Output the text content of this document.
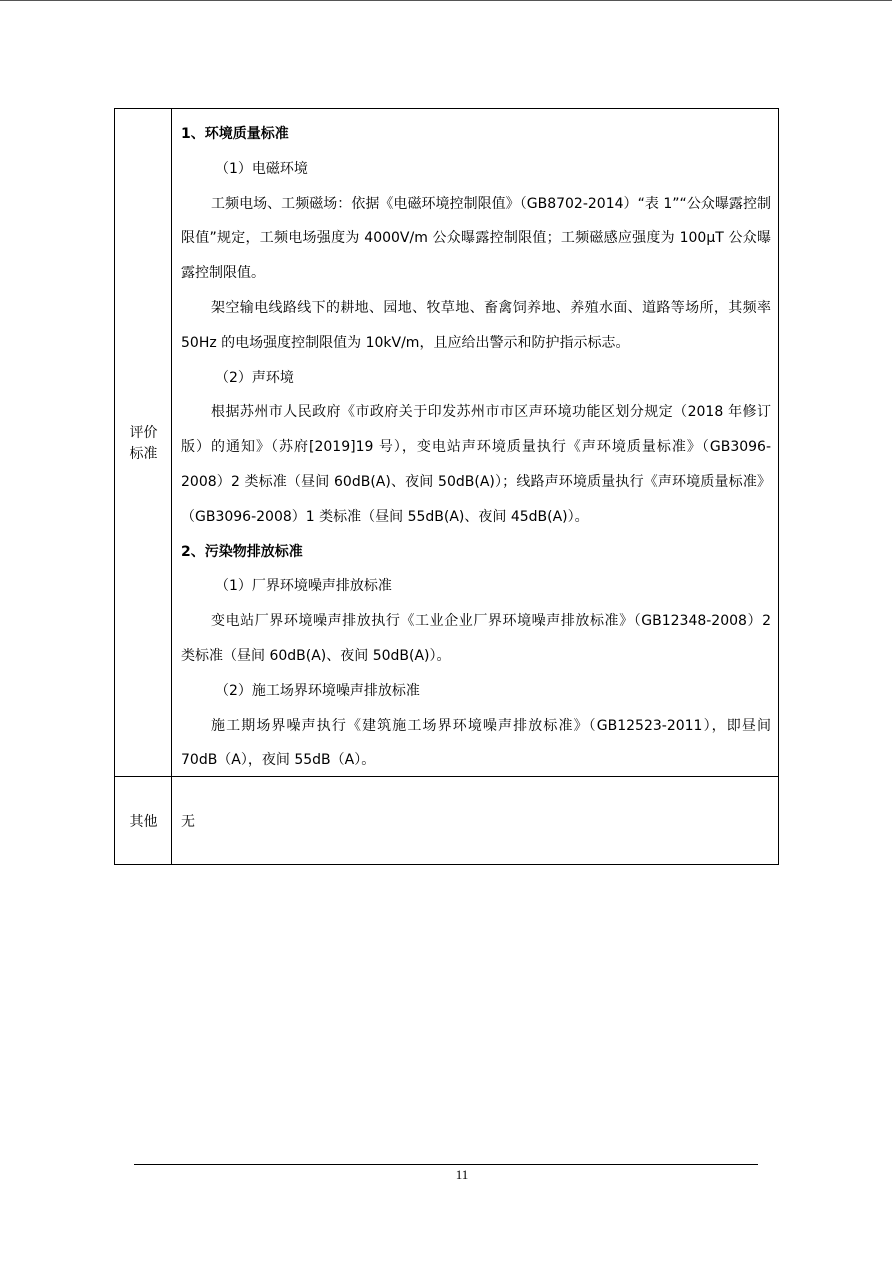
评价
标准
其他

1、环境质量标准

（1）电磁环境

工频电场、工频磁场：依据《电磁环境控制限值》（GB8702-2014）“表 1”“公众曝露控制限值”规定，工频电场强度为 4000V/m 公众曝露控制限值；工频磁感应强度为 100μT 公众曝露控制限值。

架空输电线路线下的耕地、园地、牧草地、畜禽饲养地、养殖水面、道路等场所，其频率 50Hz 的电场强度控制限值为 10kV/m，且应给出警示和防护指示标志。

（2）声环境

根据苏州市人民政府《市政府关于印发苏州市市区声环境功能区划分规定（2018 年修订版）的通知》（苏府[2019]19 号），变电站声环境质量执行《声环境质量标准》（GB3096-2008）2 类标准（昼间 60dB(A)、夜间 50dB(A)）；线路声环境质量执行《声环境质量标准》（GB3096-2008）1 类标准（昼间 55dB(A)、夜间 45dB(A)）。

2、污染物排放标准

（1）厂界环境噪声排放标准

变电站厂界环境噪声排放执行《工业企业厂界环境噪声排放标准》（GB12348-2008）2 类标准（昼间 60dB(A)、夜间 50dB(A)）。

（2）施工场界环境噪声排放标准

施工期场界噪声执行《建筑施工场界环境噪声排放标准》（GB12523-2011），即昼间 70dB（A），夜间 55dB（A）。

无
11
